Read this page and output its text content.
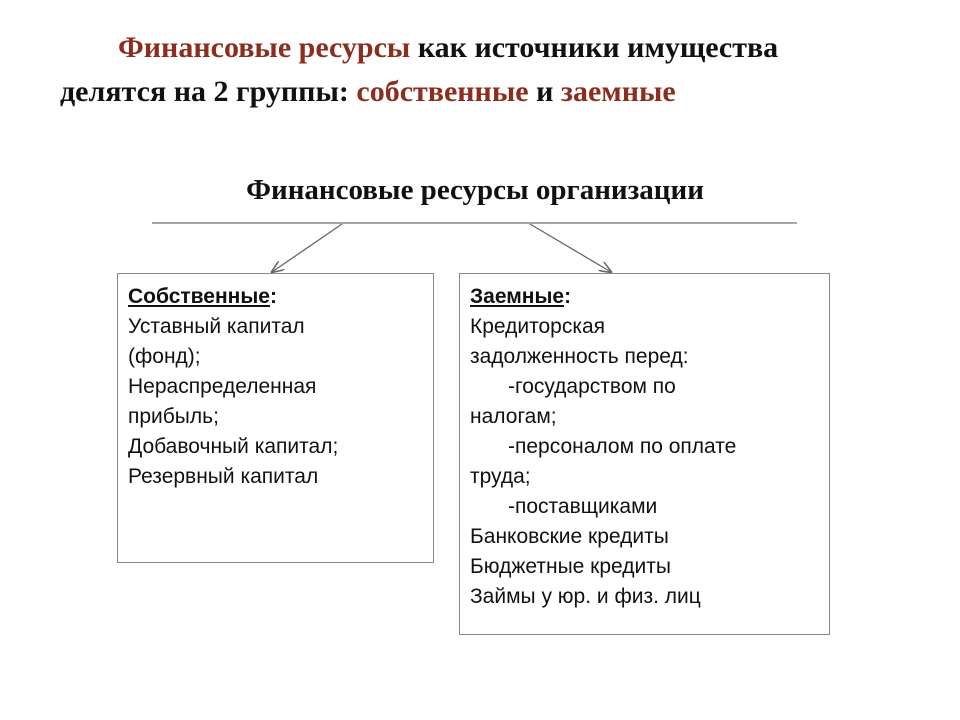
Финансовые ресурсы как источники имущества
делятся на 2 группы: собственные и заемные
Финансовые ресурсы организации
Собственные:

Уставный капитал

(фонд);

Нераспределенная

прибыль;

Добавочный капитал;

Резервный капитал

Заемные:

Кредиторская

задолженность перед:

-государством по

налогам;

-персоналом по оплате

труда;

-поставщиками

Банковские кредиты

Бюджетные кредиты

Займы у юр. и физ. лиц
